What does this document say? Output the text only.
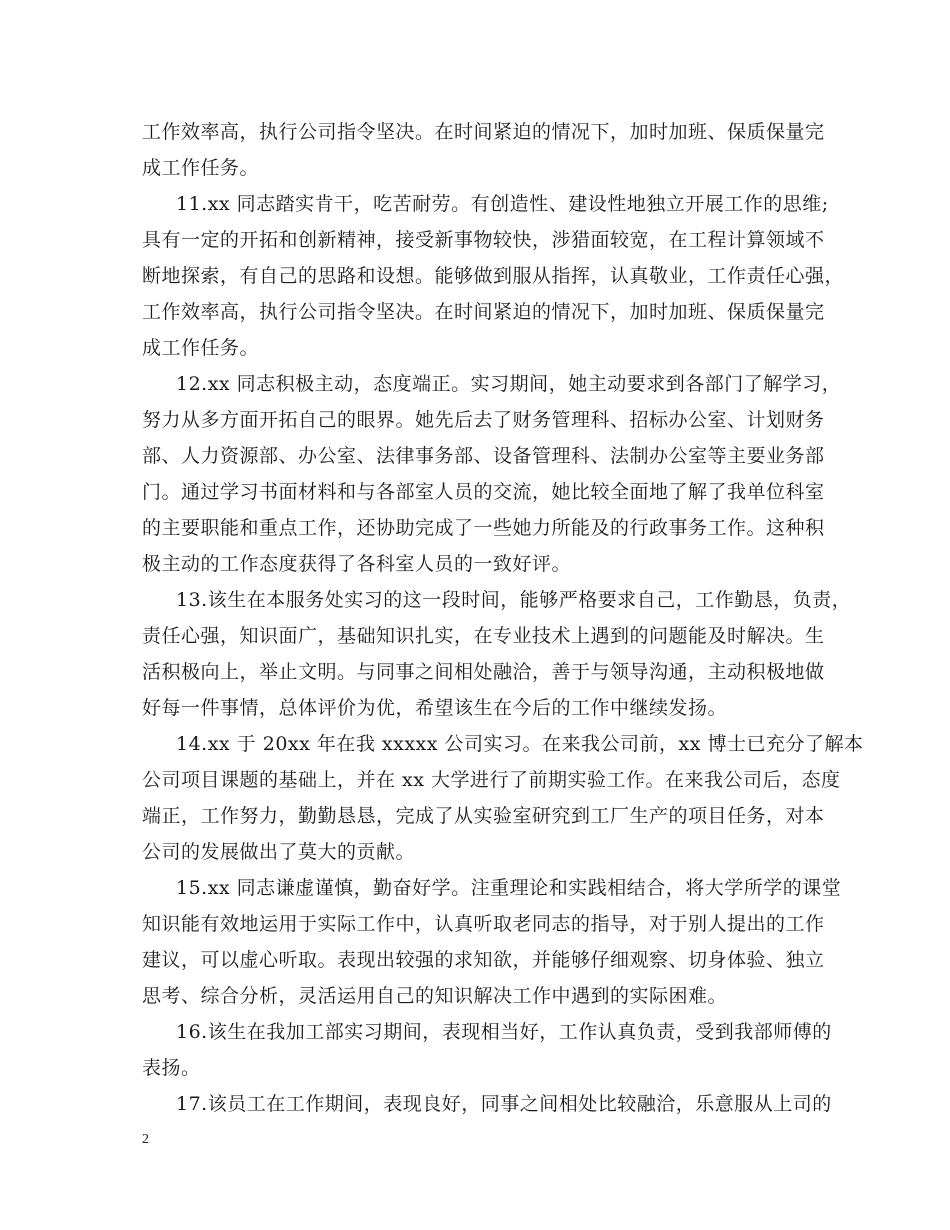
工作效率高，执行公司指令坚决。在时间紧迫的情况下，加时加班、保质保量完
成工作任务。
11.xx 同志踏实肯干，吃苦耐劳。有创造性、建设性地独立开展工作的思维;
具有一定的开拓和创新精神，接受新事物较快，涉猎面较宽，在工程计算领域不
断地探索，有自己的思路和设想。能够做到服从指挥，认真敬业，工作责任心强，
工作效率高，执行公司指令坚决。在时间紧迫的情况下，加时加班、保质保量完
成工作任务。
12.xx 同志积极主动，态度端正。实习期间，她主动要求到各部门了解学习，
努力从多方面开拓自己的眼界。她先后去了财务管理科、招标办公室、计划财务
部、人力资源部、办公室、法律事务部、设备管理科、法制办公室等主要业务部
门。通过学习书面材料和与各部室人员的交流，她比较全面地了解了我单位科室
的主要职能和重点工作，还协助完成了一些她力所能及的行政事务工作。这种积
极主动的工作态度获得了各科室人员的一致好评。
13.该生在本服务处实习的这一段时间，能够严格要求自己，工作勤恳，负责，
责任心强，知识面广，基础知识扎实，在专业技术上遇到的问题能及时解决。生
活积极向上，举止文明。与同事之间相处融洽，善于与领导沟通，主动积极地做
好每一件事情，总体评价为优，希望该生在今后的工作中继续发扬。
14.xx 于 20xx 年在我 xxxxx 公司实习。在来我公司前，xx 博士已充分了解本
公司项目课题的基础上，并在 xx 大学进行了前期实验工作。在来我公司后，态度
端正，工作努力，勤勤恳恳，完成了从实验室研究到工厂生产的项目任务，对本
公司的发展做出了莫大的贡献。
15.xx 同志谦虚谨慎，勤奋好学。注重理论和实践相结合，将大学所学的课堂
知识能有效地运用于实际工作中，认真听取老同志的指导，对于别人提出的工作
建议，可以虚心听取。表现出较强的求知欲，并能够仔细观察、切身体验、独立
思考、综合分析，灵活运用自己的知识解决工作中遇到的实际困难。
16.该生在我加工部实习期间，表现相当好，工作认真负责，受到我部师傅的
表扬。
17.该员工在工作期间，表现良好，同事之间相处比较融洽，乐意服从上司的
2
